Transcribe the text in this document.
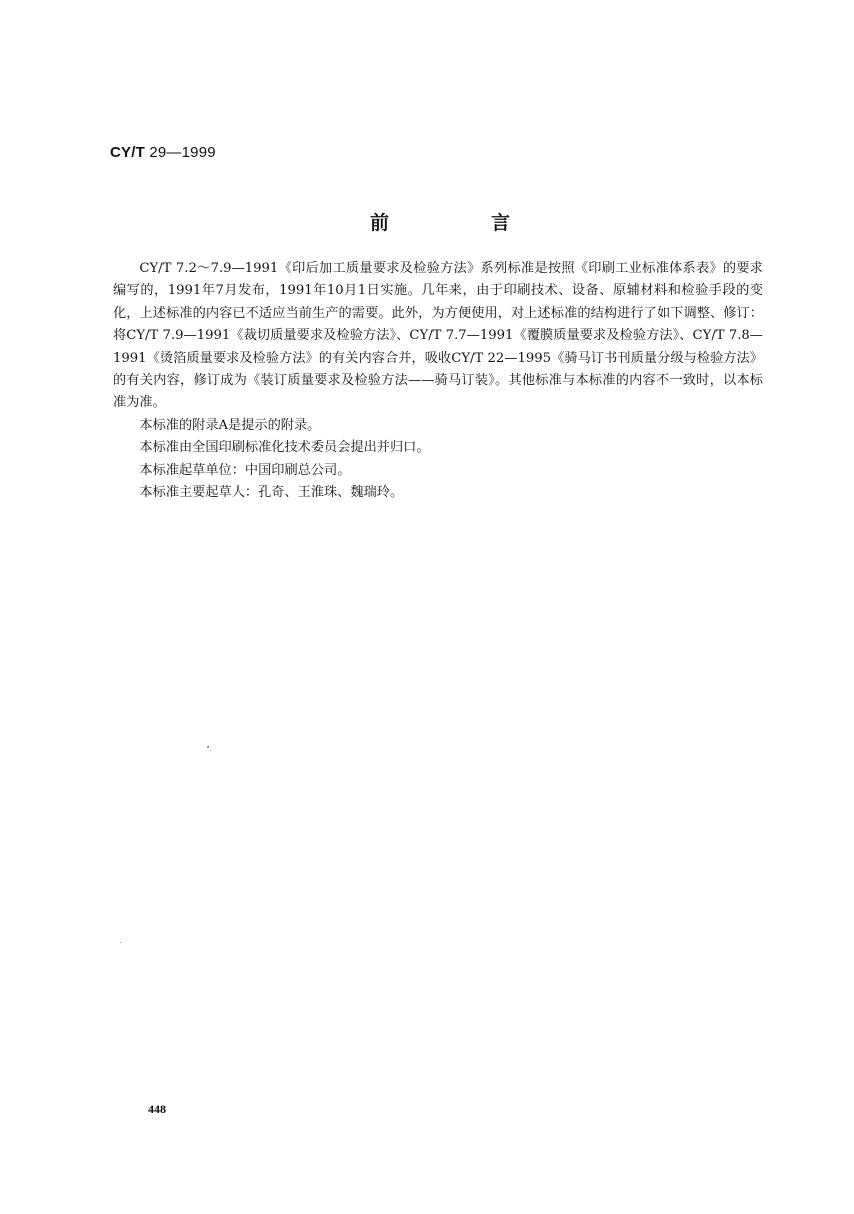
CY/T 29—1999
前	言

CY/T 7.2～7.9—1991《印后加工质量要求及检验方法》系列标准是按照《印刷工业标准体系表》的要求编写的，1991年7月发布，1991年10月1日实施。几年来，由于印刷技术、设备、原辅材料和检验手段的变化，上述标准的内容已不适应当前生产的需要。此外，为方便使用，对上述标准的结构进行了如下调整、修订：将CY/T 7.9—1991《裁切质量要求及检验方法》、CY/T 7.7—1991《覆膜质量要求及检验方法》、CY/T 7.8—1991《烫箔质量要求及检验方法》的有关内容合并，吸收CY/T 22—1995《骑马订书刊质量分级与检验方法》的有关内容，修订成为《装订质量要求及检验方法——骑马订装》。其他标准与本标准的内容不一致时，以本标准为准。

本标准的附录A是提示的附录。

本标准由全国印刷标准化技术委员会提出并归口。

本标准起草单位：中国印刷总公司。

本标准主要起草人：孔奇、王淮珠、魏瑞玲。

448
